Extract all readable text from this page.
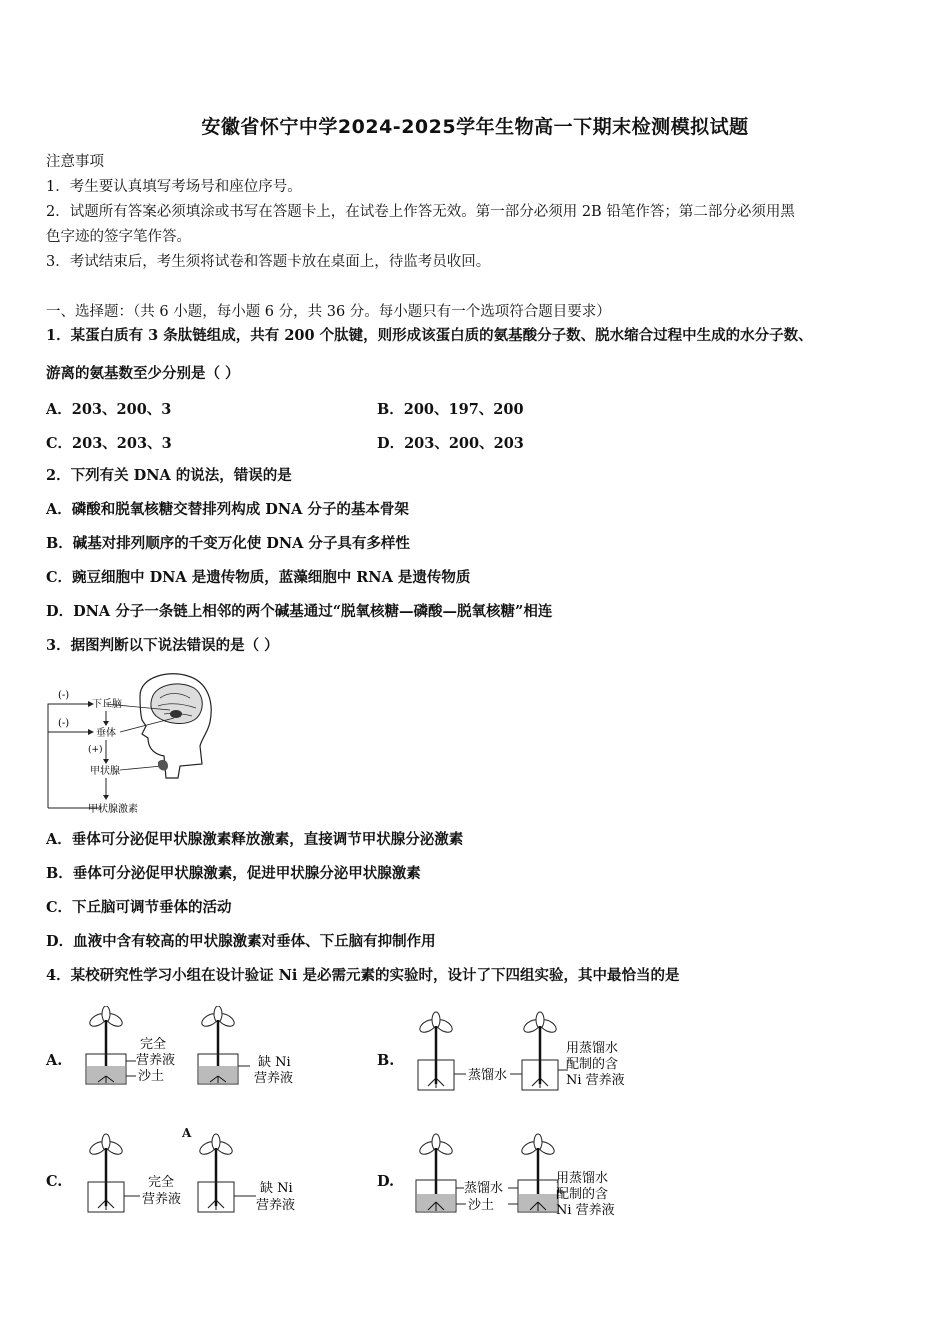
安徽省怀宁中学2024-2025学年生物高一下期末检测模拟试题
注意事项
1．考生要认真填写考场号和座位序号。
2．试题所有答案必须填涂或书写在答题卡上，在试卷上作答无效。第一部分必须用 2B 铅笔作答；第二部分必须用黑
色字迹的签字笔作答。
3．考试结束后，考生须将试卷和答题卡放在桌面上，待监考员收回。
一、选择题：（共 6 小题，每小题 6 分，共 36 分。每小题只有一个选项符合题目要求）
1．某蛋白质有 3 条肽链组成，共有 200 个肽键，则形成该蛋白质的氨基酸分子数、脱水缩合过程中生成的水分子数、
游离的氨基数至少分别是（ ）
A．203、200、3	B．200、197、200
C．203、203、3	D．203、200、203
2．下列有关 DNA 的说法，错误的是
A．磷酸和脱氧核糖交替排列构成 DNA 分子的基本骨架
B．碱基对排列顺序的千变万化使 DNA 分子具有多样性
C．豌豆细胞中 DNA 是遗传物质，蓝藻细胞中 RNA 是遗传物质
D．DNA 分子一条链上相邻的两个碱基通过“脱氧核糖—磷酸—脱氧核糖”相连
3．据图判断以下说法错误的是（ ）
(-)
(-)
下丘脑
垂体
(+)
甲状腺
甲状腺激素
A．垂体可分泌促甲状腺激素释放激素，直接调节甲状腺分泌激素
B．垂体可分泌促甲状腺激素，促进甲状腺分泌甲状腺激素
C．下丘脑可调节垂体的活动
D．血液中含有较高的甲状腺激素对垂体、下丘脑有抑制作用
4．某校研究性学习小组在设计验证 Ni 是必需元素的实验时，设计了下四组实验，其中最恰当的是
A.	B.
C.	D.
A
完全
营养液
沙土
缺 Ni
营养液	蒸馏水
用蒸馏水
配制的含
Ni 营养液
完全
营养液
缺 Ni
营养液
蒸馏水
沙土
用蒸馏水
配制的含
Ni 营养液
